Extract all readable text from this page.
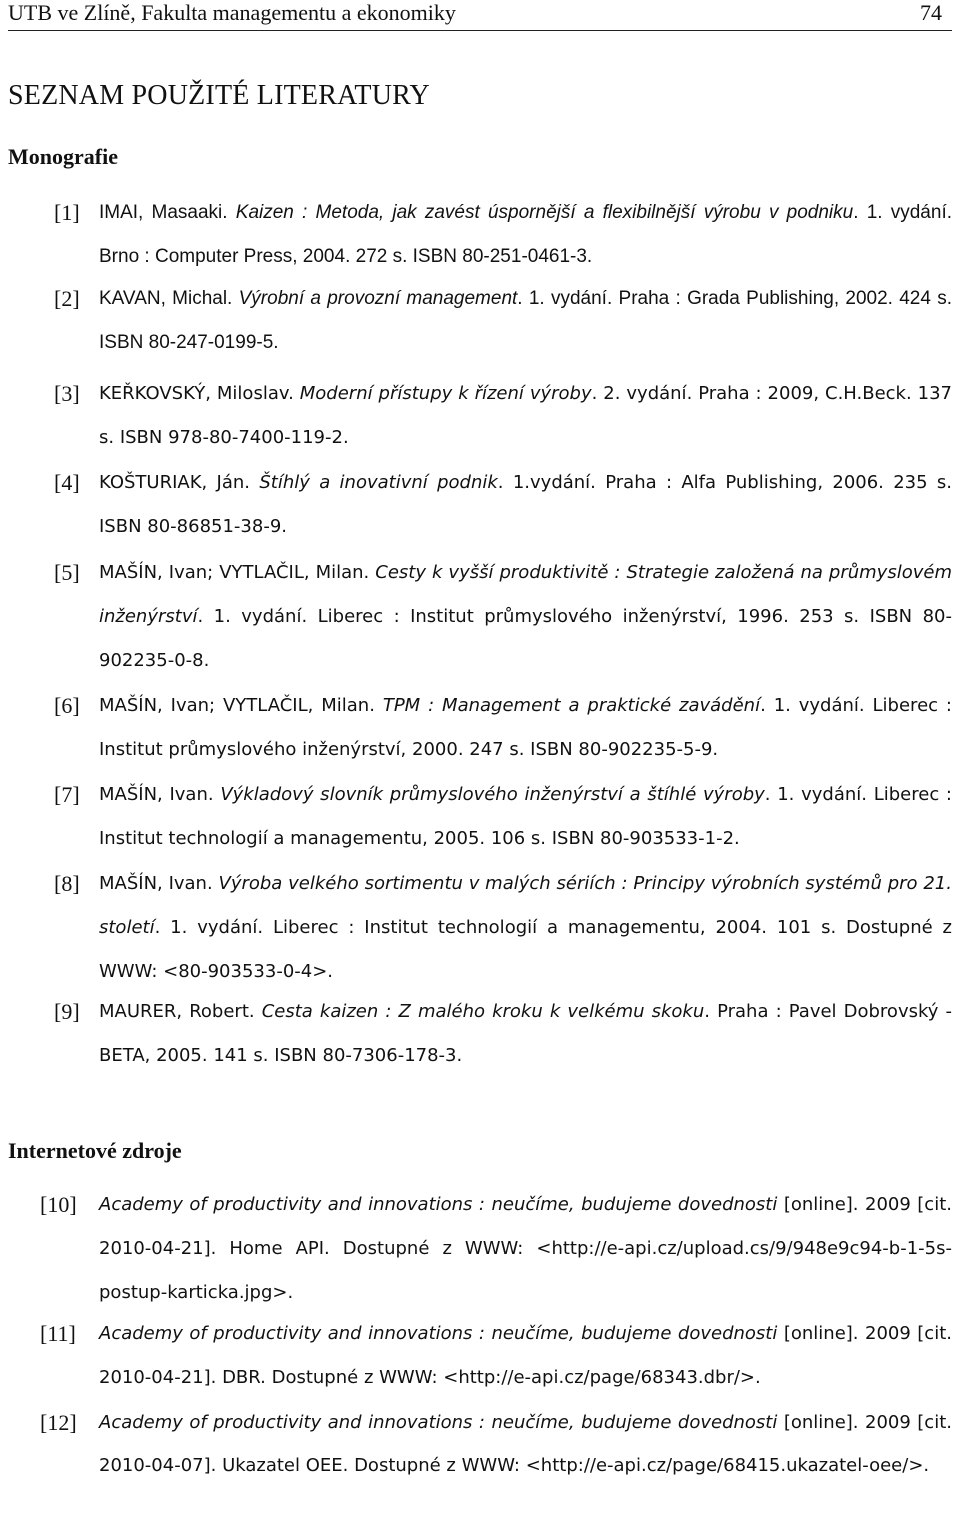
UTB ve Zlíně, Fakulta managementu a ekonomiky	74
SEZNAM POUŽITÉ LITERATURY
Monografie
[1] IMAI, Masaaki. Kaizen : Metoda, jak zavést úspornější a flexibilnější výrobu v podniku. 1. vydání. Brno : Computer Press, 2004. 272 s. ISBN 80-251-0461-3.
[2] KAVAN, Michal. Výrobní a provozní management. 1. vydání. Praha : Grada Publishing, 2002. 424 s. ISBN 80-247-0199-5.
[3] KEŘKOVSKÝ, Miloslav. Moderní přístupy k řízení výroby. 2. vydání. Praha : 2009, C.H.Beck. 137 s. ISBN 978-80-7400-119-2.
[4] KOŠTURIAK, Ján. Štíhlý a inovativní podnik. 1.vydání. Praha : Alfa Publishing, 2006. 235 s. ISBN 80-86851-38-9.
[5] MAŠÍN, Ivan; VYTLAČIL, Milan. Cesty k vyšší produktivitě : Strategie založená na průmyslovém inženýrství. 1. vydání. Liberec : Institut průmyslového inženýrství, 1996. 253 s. ISBN 80-902235-0-8.
[6] MAŠÍN, Ivan; VYTLAČIL, Milan. TPM : Management a praktické zavádění. 1. vydání. Liberec : Institut průmyslového inženýrství, 2000. 247 s. ISBN 80-902235-5-9.
[7] MAŠÍN, Ivan. Výkladový slovník průmyslového inženýrství a štíhlé výroby. 1. vydání. Liberec : Institut technologií a managementu, 2005. 106 s. ISBN 80-903533-1-2.
[8] MAŠÍN, Ivan. Výroba velkého sortimentu v malých sériích : Principy výrobních systémů pro 21. století. 1. vydání. Liberec : Institut technologií a managementu, 2004. 101 s. Dostupné z WWW: <80-903533-0-4>.
[9] MAURER, Robert. Cesta kaizen : Z malého kroku k velkému skoku. Praha : Pavel Dobrovský - BETA, 2005. 141 s. ISBN 80-7306-178-3.
Internetové zdroje
[10] Academy of productivity and innovations : neučíme, budujeme dovednosti [online]. 2009 [cit. 2010-04-21]. Home API. Dostupné z WWW: <http://e-api.cz/upload.cs/9/948e9c94-b-1-5s-postup-karticka.jpg>.
[11] Academy of productivity and innovations : neučíme, budujeme dovednosti [online]. 2009 [cit. 2010-04-21]. DBR. Dostupné z WWW: <http://e-api.cz/page/68343.dbr/>.
[12] Academy of productivity and innovations : neučíme, budujeme dovednosti [online]. 2009 [cit. 2010-04-07]. Ukazatel OEE. Dostupné z WWW: <http://e-api.cz/page/68415.ukazatel-oee/>.
